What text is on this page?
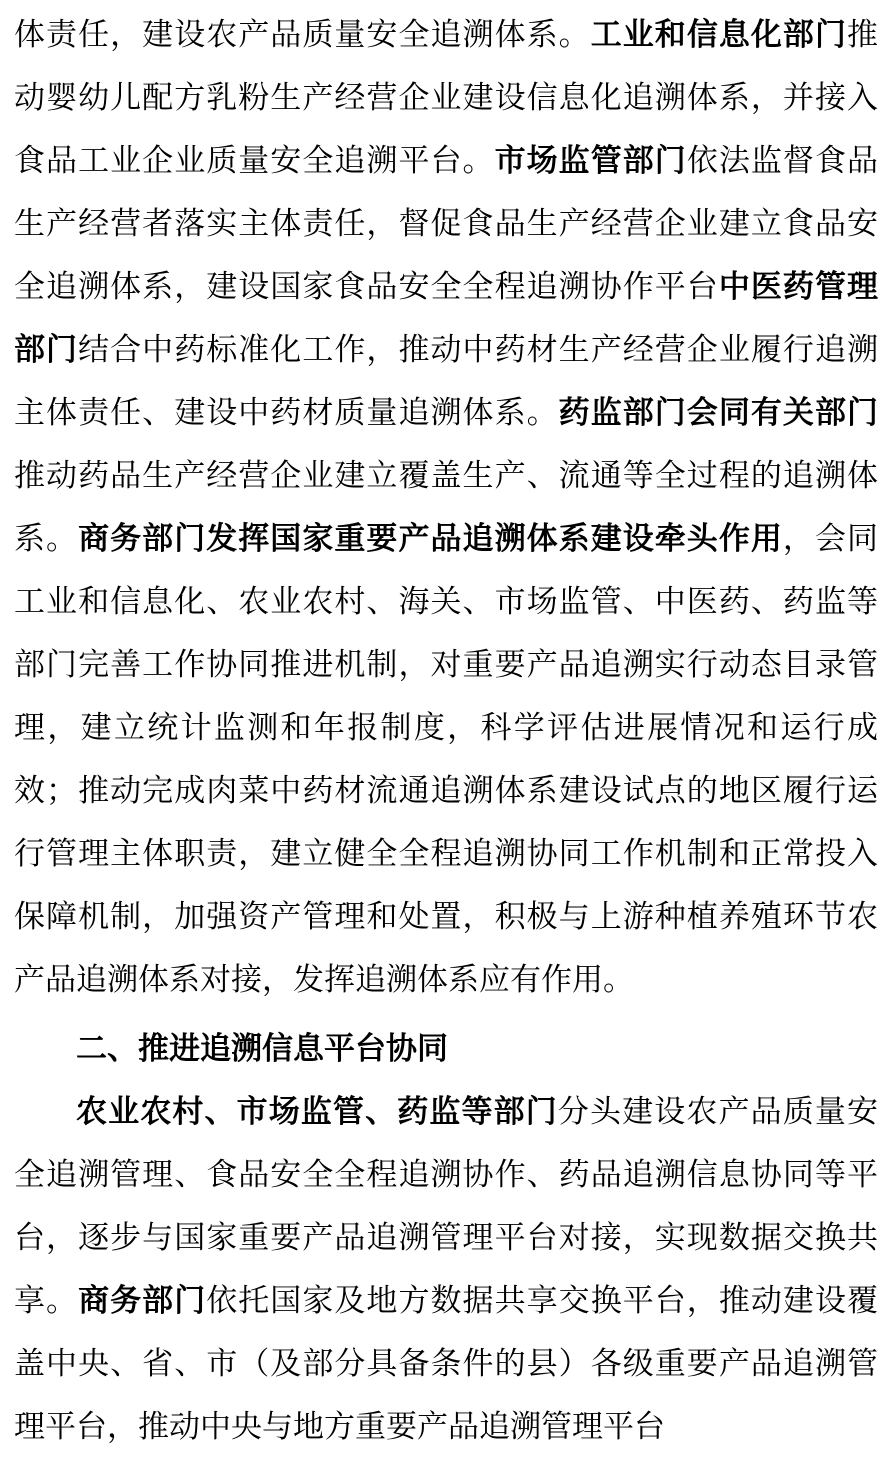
体责任，建设农产品质量安全追溯体系。工业和信息化部门推动婴幼儿配方乳粉生产经营企业建设信息化追溯体系，并接入食品工业企业质量安全追溯平台。市场监管部门依法监督食品生产经营者落实主体责任，督促食品生产经营企业建立食品安全追溯体系，建设国家食品安全全程追溯协作平台中医药管理部门结合中药标准化工作，推动中药材生产经营企业履行追溯主体责任、建设中药材质量追溯体系。药监部门会同有关部门推动药品生产经营企业建立覆盖生产、流通等全过程的追溯体系。商务部门发挥国家重要产品追溯体系建设牵头作用，会同工业和信息化、农业农村、海关、市场监管、中医药、药监等部门完善工作协同推进机制，对重要产品追溯实行动态目录管理，建立统计监测和年报制度，科学评估进展情况和运行成效；推动完成肉菜中药材流通追溯体系建设试点的地区履行运行管理主体职责，建立健全全程追溯协同工作机制和正常投入保障机制，加强资产管理和处置，积极与上游种植养殖环节农产品追溯体系对接，发挥追溯体系应有作用。

二、推进追溯信息平台协同

农业农村、市场监管、药监等部门分头建设农产品质量安全追溯管理、食品安全全程追溯协作、药品追溯信息协同等平台，逐步与国家重要产品追溯管理平台对接，实现数据交换共享。商务部门依托国家及地方数据共享交换平台，推动建设覆盖中央、省、市（及部分具备条件的县）各级重要产品追溯管理平台，推动中央与地方重要产品追溯管理平台
